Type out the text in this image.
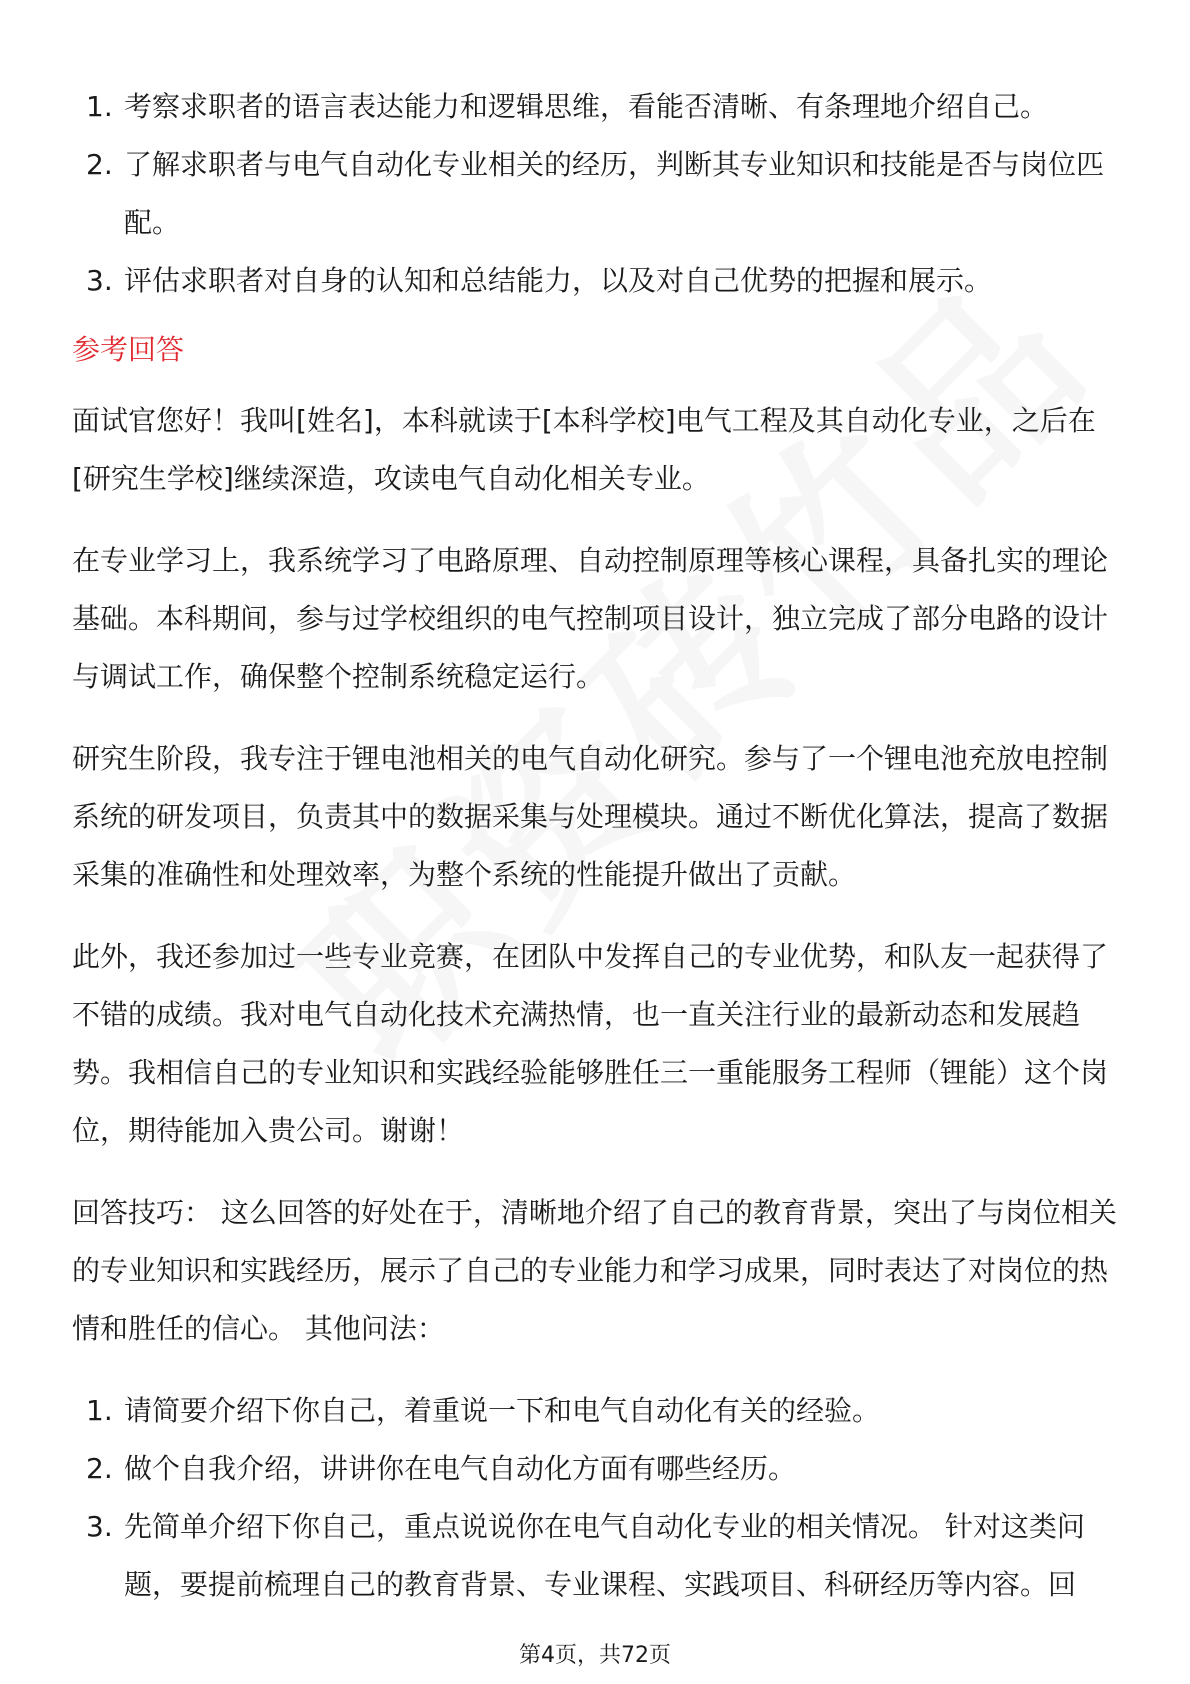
1. 考察求职者的语言表达能力和逻辑思维，看能否清晰、有条理地介绍自己。
2. 了解求职者与电气自动化专业相关的经历，判断其专业知识和技能是否与岗位匹配。
3. 评估求职者对自身的认知和总结能力，以及对自己优势的把握和展示。
参考回答

面试官您好！我叫[姓名]，本科就读于[本科学校]电气工程及其自动化专业，之后在[研究生学校]继续深造，攻读电气自动化相关专业。

在专业学习上，我系统学习了电路原理、自动控制原理等核心课程，具备扎实的理论基础。本科期间，参与过学校组织的电气控制项目设计，独立完成了部分电路的设计与调试工作，确保整个控制系统稳定运行。

研究生阶段，我专注于锂电池相关的电气自动化研究。参与了一个锂电池充放电控制系统的研发项目，负责其中的数据采集与处理模块。通过不断优化算法，提高了数据采集的准确性和处理效率，为整个系统的性能提升做出了贡献。

此外，我还参加过一些专业竞赛，在团队中发挥自己的专业优势，和队友一起获得了不错的成绩。我对电气自动化技术充满热情，也一直关注行业的最新动态和发展趋势。我相信自己的专业知识和实践经验能够胜任三一重能服务工程师（锂能）这个岗位，期待能加入贵公司。谢谢！

回答技巧： 这么回答的好处在于，清晰地介绍了自己的教育背景，突出了与岗位相关的专业知识和实践经历，展示了自己的专业能力和学习成果，同时表达了对岗位的热情和胜任的信心。 其他问法：

1. 请简要介绍下你自己，着重说一下和电气自动化有关的经验。
2. 做个自我介绍，讲讲你在电气自动化方面有哪些经历。
3. 先简单介绍下你自己，重点说说你在电气自动化专业的相关情况。 针对这类问题，要提前梳理自己的教育背景、专业课程、实践项目、科研经历等内容。回
第4页，共72页
